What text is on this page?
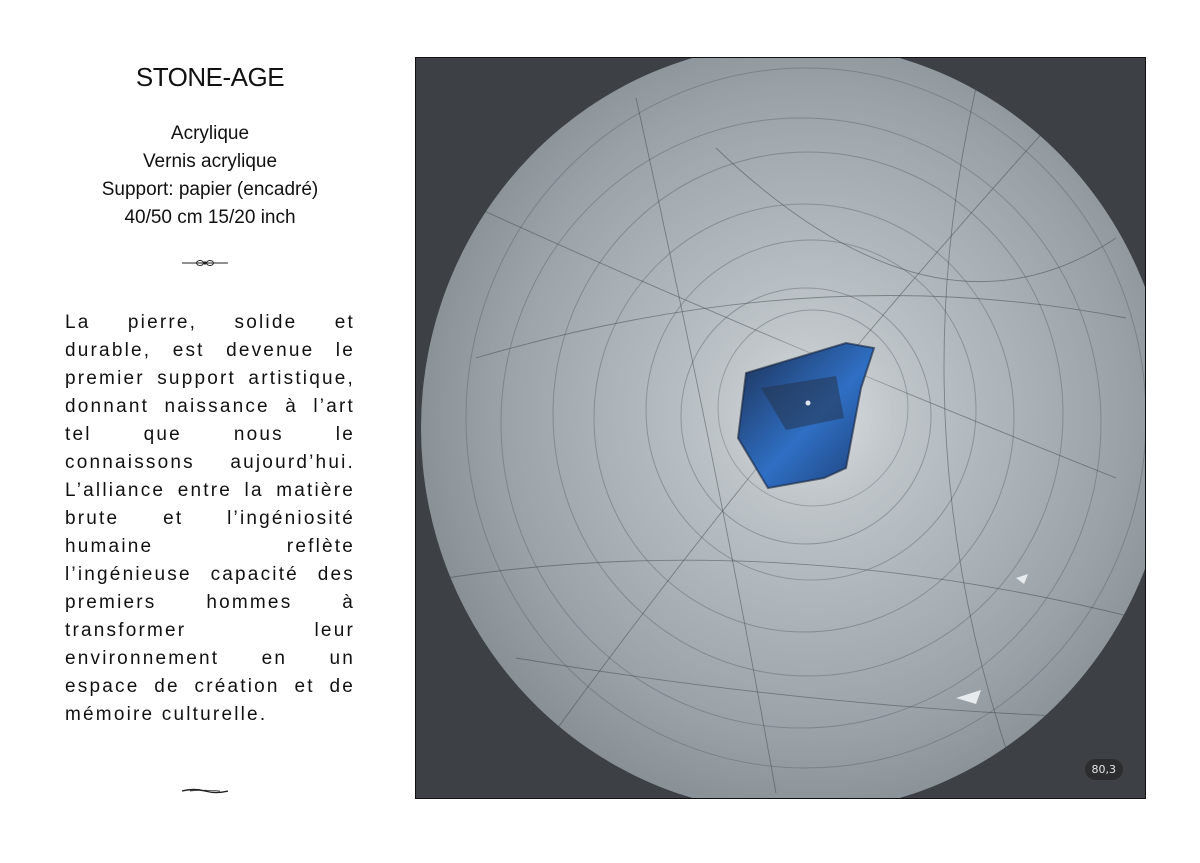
STONE-AGE
Acrylique
Vernis acrylique
Support: papier (encadré)
40/50 cm 15/20 inch
La pierre, solide et durable, est devenue le premier support artistique, donnant naissance à l’art tel que nous le connaissons aujourd’hui. L’alliance entre la matière brute et l’ingéniosité humaine reflète l’ingénieuse capacité des premiers hommes à transformer leur environnement en un espace de création et de mémoire culturelle.
80,3
